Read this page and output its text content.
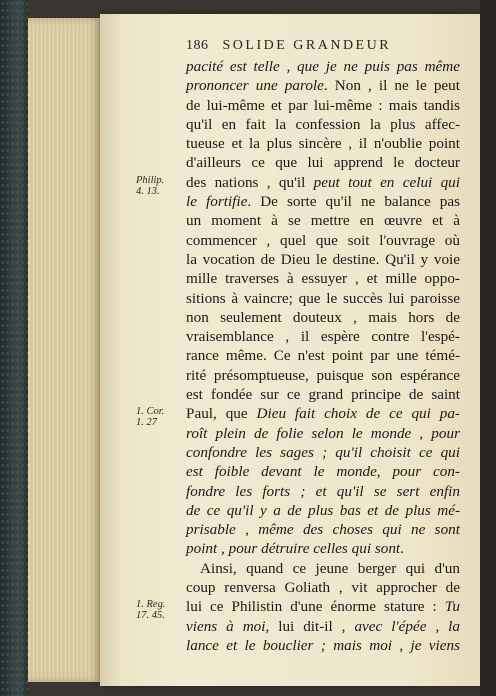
186 SOLIDE GRANDEUR
pacité est telle , que je ne puis pas même
prononcer une parole. Non , il ne le peut
de lui-même et par lui-même : mais tandis
qu'il en fait la confession la plus affec-
tueuse et la plus sincère , il n'oublie point
d'ailleurs ce que lui apprend le docteur
des nations , qu'il peut tout en celui qui
le fortifie. De sorte qu'il ne balance pas
un moment à se mettre en œuvre et à
commencer , quel que soit l'ouvrage où
la vocation de Dieu le destine. Qu'il y voie
mille traverses à essuyer , et mille oppo-
sitions à vaincre; que le succès lui paroisse
non seulement douteux , mais hors de
vraisemblance , il espère contre l'espé-
rance même. Ce n'est point par une témé-
rité présomptueuse, puisque son espérance
est fondée sur ce grand principe de saint
Paul, que Dieu fait choix de ce qui pa-
roît plein de folie selon le monde , pour
confondre les sages ; qu'il choisit ce qui
est foible devant le monde, pour con-
fondre les forts ; et qu'il se sert enfin
de ce qu'il y a de plus bas et de plus mé-
prisable , même des choses qui ne sont
point , pour détruire celles qui sont.
Ainsi, quand ce jeune berger qui d'un
coup renversa Goliath , vit approcher de
lui ce Philistin d'une énorme stature : Tu
viens à moi, lui dit-il , avec l'épée , la
lance et le bouclier ; mais moi , je viens
Philip.
4. 13.
1. Cor.
1. 27
1. Reg.
17. 45.
